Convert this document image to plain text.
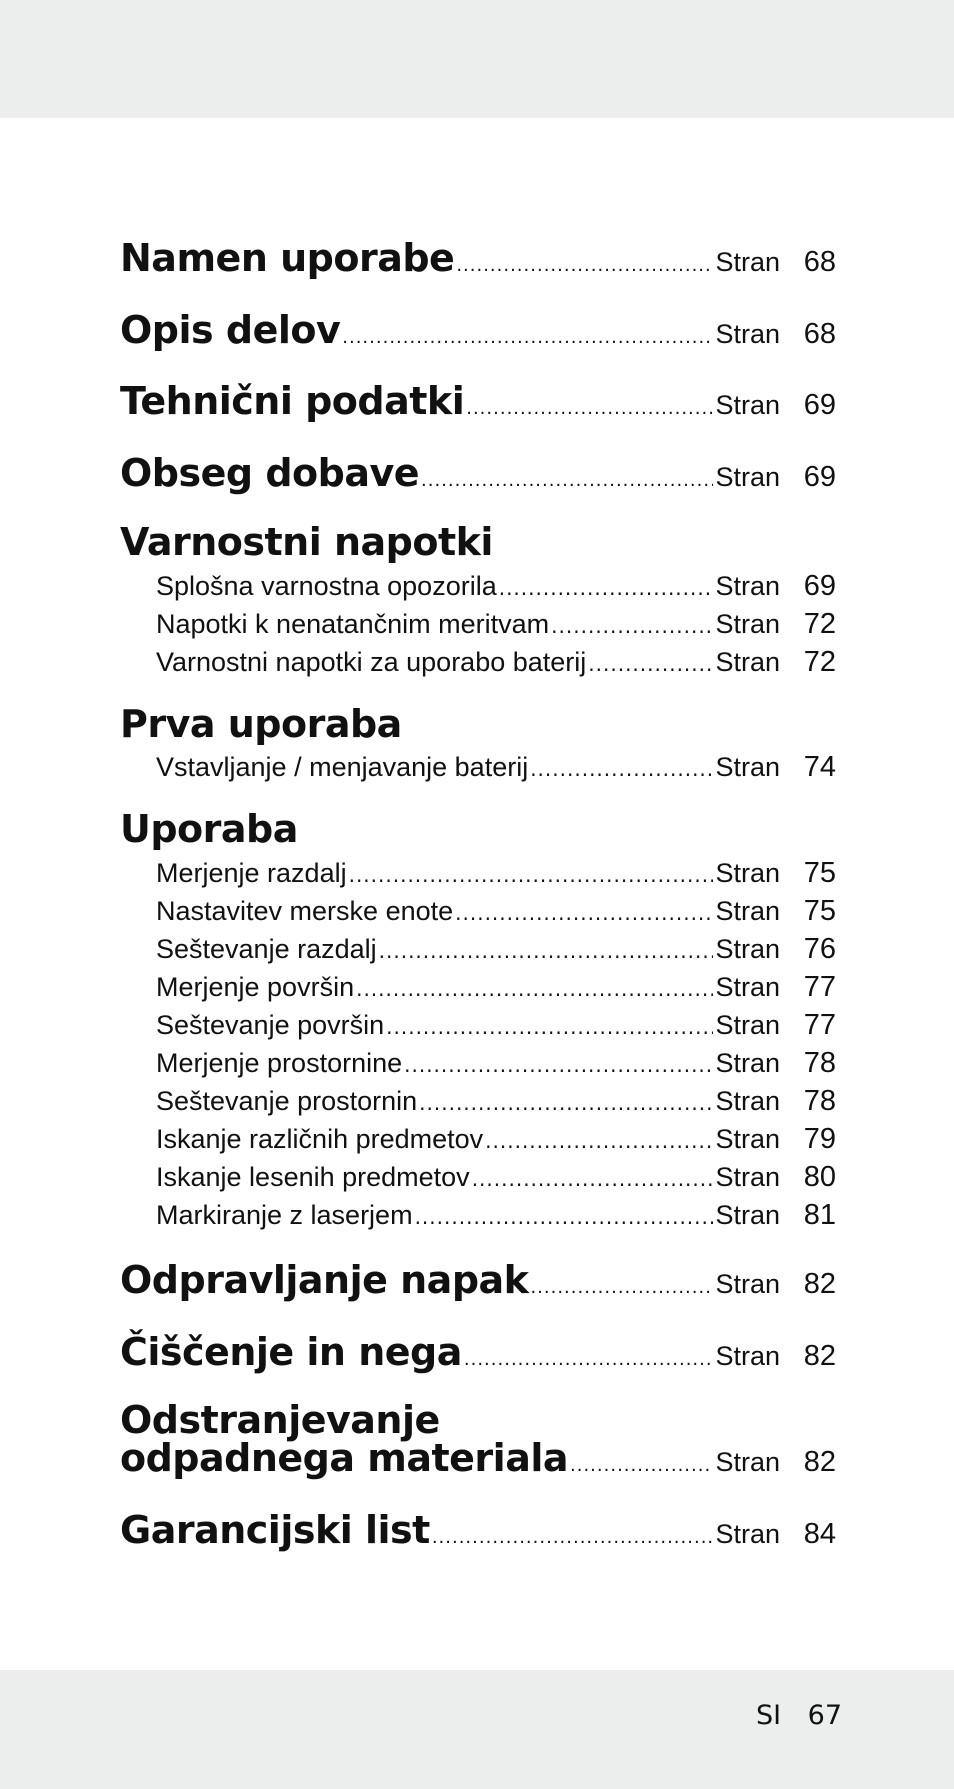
Namen uporabe .....	Stran 68
Opis delov .....	Stran 68
Tehnični podatki .....	Stran 69
Obseg dobave .....	Stran 69
Varnostni napotki
Splošna varnostna opozorila .....	Stran 69
Napotki k nenatančnim meritvam .....	Stran 72
Varnostni napotki za uporabo baterij .....	Stran 72
Prva uporaba
Vstavljanje / menjavanje baterij .....	Stran 74
Uporaba
Merjenje razdalj .....	Stran 75
Nastavitev merske enote .....	Stran 75
Seštevanje razdalj .....	Stran 76
Merjenje površin .....	Stran 77
Seštevanje površin .....	Stran 77
Merjenje prostornine .....	Stran 78
Seštevanje prostornin .....	Stran 78
Iskanje različnih predmetov .....	Stran 79
Iskanje lesenih predmetov .....	Stran 80
Markiranje z laserjem .....	Stran 81
Odpravljanje napak .....	Stran 82
Čiščenje in nega .....	Stran 82
Odstranjevanje
odpadnega materiala .....	Stran 82
Garancijski list .....	Stran 84
SI 67
